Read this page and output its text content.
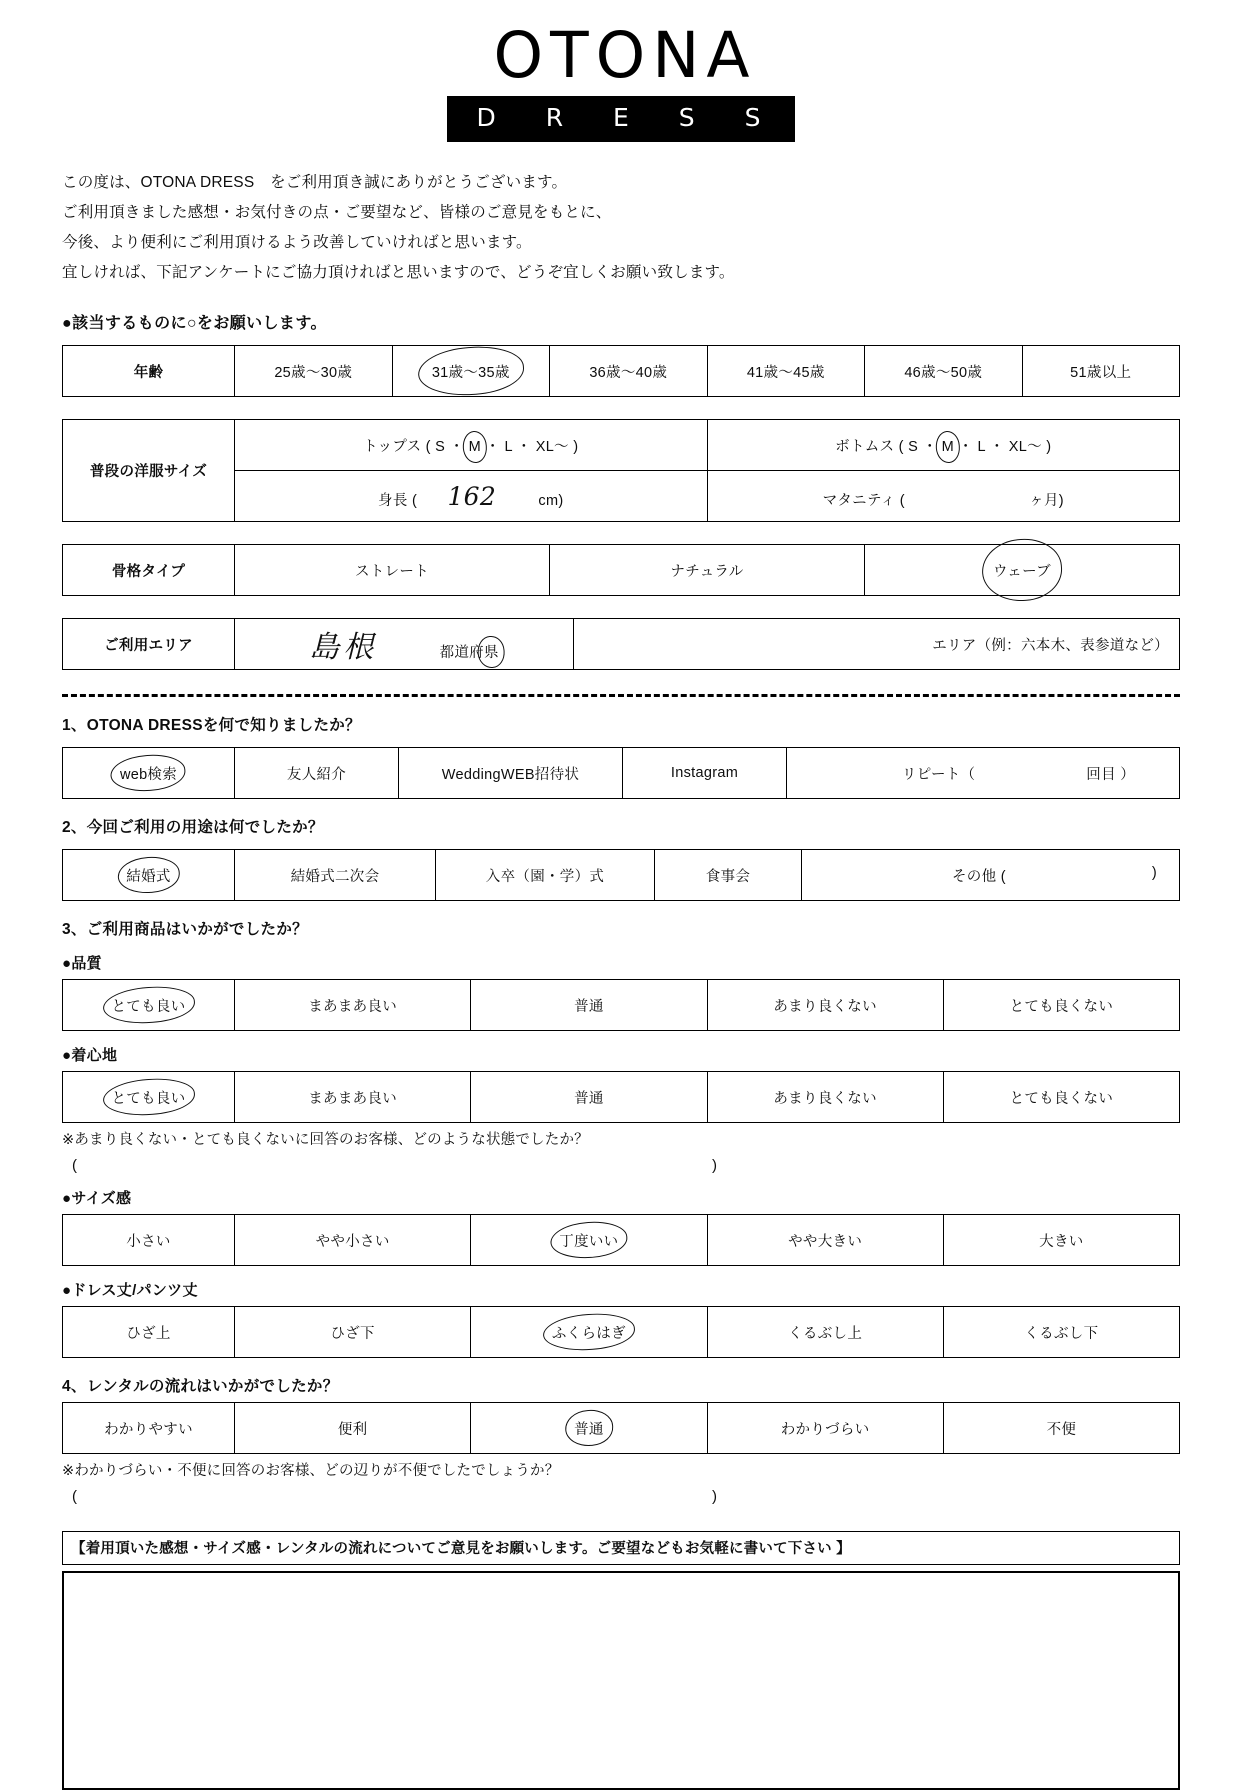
OTONA
D R E S S
この度は、OTONA DRESS　をご利用頂き誠にありがとうございます。
ご利用頂きました感想・お気付きの点・ご要望など、皆様のご意見をもとに、
今後、より便利にご利用頂けるよう改善していければと思います。
宜しければ、下記アンケートにご協力頂ければと思いますので、どうぞ宜しくお願い致します。
●該当するものに○をお願いします。
年齢	25歳〜30歳	31歳〜35歳	36歳〜40歳	41歳〜45歳	46歳〜50歳	51歳以上
普段の洋服サイズ	トップス ( S ・ M ・ L ・ XL〜 )	ボトムス ( S ・ M ・ L ・ XL〜 )
	身長 ( 162 cm)	マタニティ ( ヶ月)
骨格タイプ	ストレート	ナチュラル	ウェーブ
ご利用エリア	島根	都道府県	エリア（例：六本木、表参道など）
1、OTONA DRESSを何で知りましたか？
web検索	友人紹介	WeddingWEB招待状	Instagram	リピート（	回目 ）
2、今回ご利用の用途は何でしたか？
結婚式	結婚式二次会	入卒（園・学）式	食事会	その他 (	)
3、ご利用商品はいかがでしたか？
●品質
とても良い	まあまあ良い	普通	あまり良くない	とても良くない
●着心地
とても良い	まあまあ良い	普通	あまり良くない	とても良くない
※あまり良くない・とても良くないに回答のお客様、どのような状態でしたか？
(	)
●サイズ感
小さい	やや小さい	丁度いい	やや大きい	大きい
●ドレス丈/パンツ丈
ひざ上	ひざ下	ふくらはぎ	くるぶし上	くるぶし下
4、レンタルの流れはいかがでしたか？
わかりやすい	便利	普通	わかりづらい	不便
※わかりづらい・不便に回答のお客様、どの辺りが不便でしたでしょうか？
(	)
【着用頂いた感想・サイズ感・レンタルの流れについてご意見をお願いします。ご要望などもお気軽に書いて下さい 】
